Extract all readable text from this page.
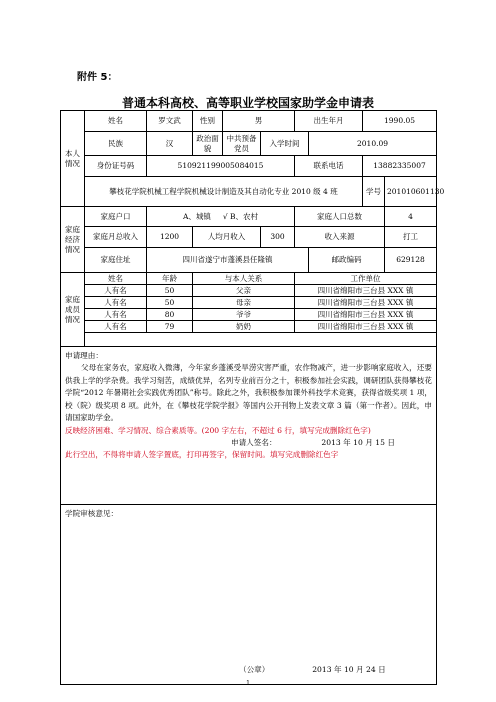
附件 5：
普通本科高校、高等职业学校国家助学金申请表
本人情况	姓名	罗文武	性别	男		出生年月		1990.05	
	民族	汉	政治面貌	中共预备党员	入学时间		2010.09		
	身份证号码	510921199005084015				联系电话		13882335007	
	攀枝花学院机械工程学院机械设计制造及其自动化专业 2010 级 4 班							学号	201010601130
家庭经济情况	家庭户口	A、城镇 √ B、农村				家庭人口总数			4
	家庭月总收入	1200	人均月收入		300	收入来源			打工
	家庭住址	四川省遂宁市蓬溪县任隆镇					邮政编码		629128
家庭成员情况	姓名	年龄	与本人关系			工作单位			
	人有名	50	父亲			四川省绵阳市三台县 XXX 镇			
	人有名	50	母亲			四川省绵阳市三台县 XXX 镇			
	人有名	80	爷爷			四川省绵阳市三台县 XXX 镇			
	人有名	79	奶奶			四川省绵阳市三台县 XXX 镇			

申请理由：

父母在家务农，家庭收入微薄，今年家乡蓬溪受旱涝灾害严重，农作物减产，进一步影响家庭收入，还要供我上学的学杂费。我学习刻苦，成绩优异，名列专业前百分之十，积极参加社会实践，调研团队获得攀枝花学院“2012 年暑期社会实践优秀团队”称号。除此之外，我积极参加课外科技学术竞赛，获得省级奖项 1 项，校（院）级奖项 8 项。此外，在《攀枝花学院学报》等国内公开刊物上发表文章 3 篇（第一作者）。因此，申请国家助学金。

反映经济困难、学习情况、综合素质等。(200 字左右，不超过 6 行，填写完成删除红色字)
申请人签名： 2013 年 10 月 15 日
此行空出，不得将申请人签字置底，打印再签字，保留时间。填写完成删除红色字									

学院审核意见：
（公章） 2013 年 10 月 24 日									
1
